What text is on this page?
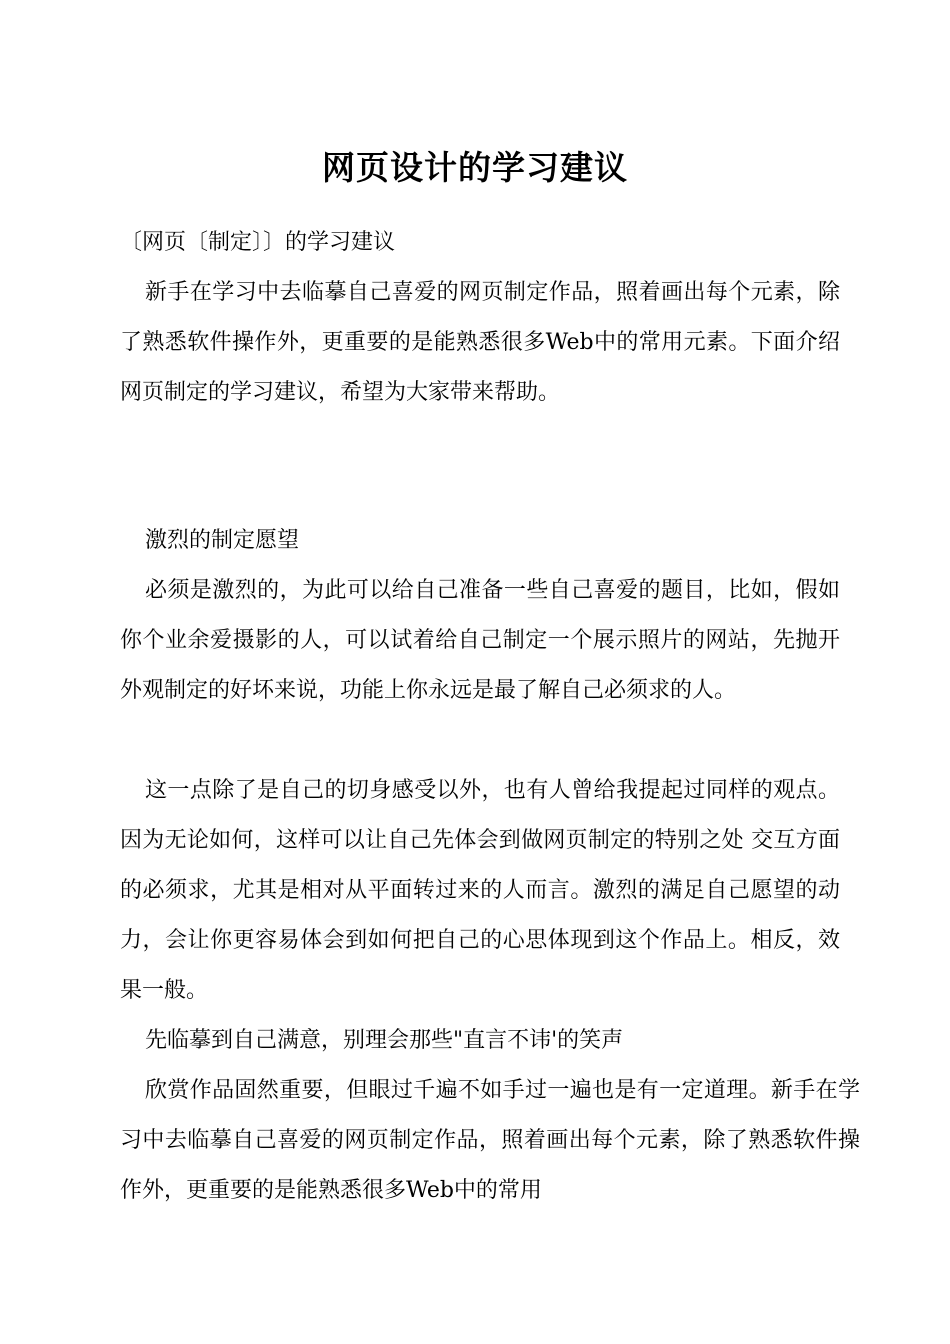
网页设计的学习建议
〔网页〔制定〕〕的学习建议

新手在学习中去临摹自己喜爱的网页制定作品，照着画出每个元素，除了熟悉软件操作外，更重要的是能熟悉很多Web中的常用元素。下面介绍网页制定的学习建议，希望为大家带来帮助。

激烈的制定愿望

必须是激烈的，为此可以给自己准备一些自己喜爱的题目，比如，假如你个业余爱摄影的人，可以试着给自己制定一个展示照片的网站，先抛开外观制定的好坏来说，功能上你永远是最了解自己必须求的人。

这一点除了是自己的切身感受以外，也有人曾给我提起过同样的观点。因为无论如何，这样可以让自己先体会到做网页制定的特别之处 交互方面的必须求，尤其是相对从平面转过来的人而言。激烈的满足自己愿望的动力，会让你更容易体会到如何把自己的心思体现到这个作品上。相反，效果一般。

先临摹到自己满意，别理会那些"直言不讳'的笑声

欣赏作品固然重要，但眼过千遍不如手过一遍也是有一定道理。新手在学习中去临摹自己喜爱的网页制定作品，照着画出每个元素，除了熟悉软件操作外，更重要的是能熟悉很多Web中的常用
